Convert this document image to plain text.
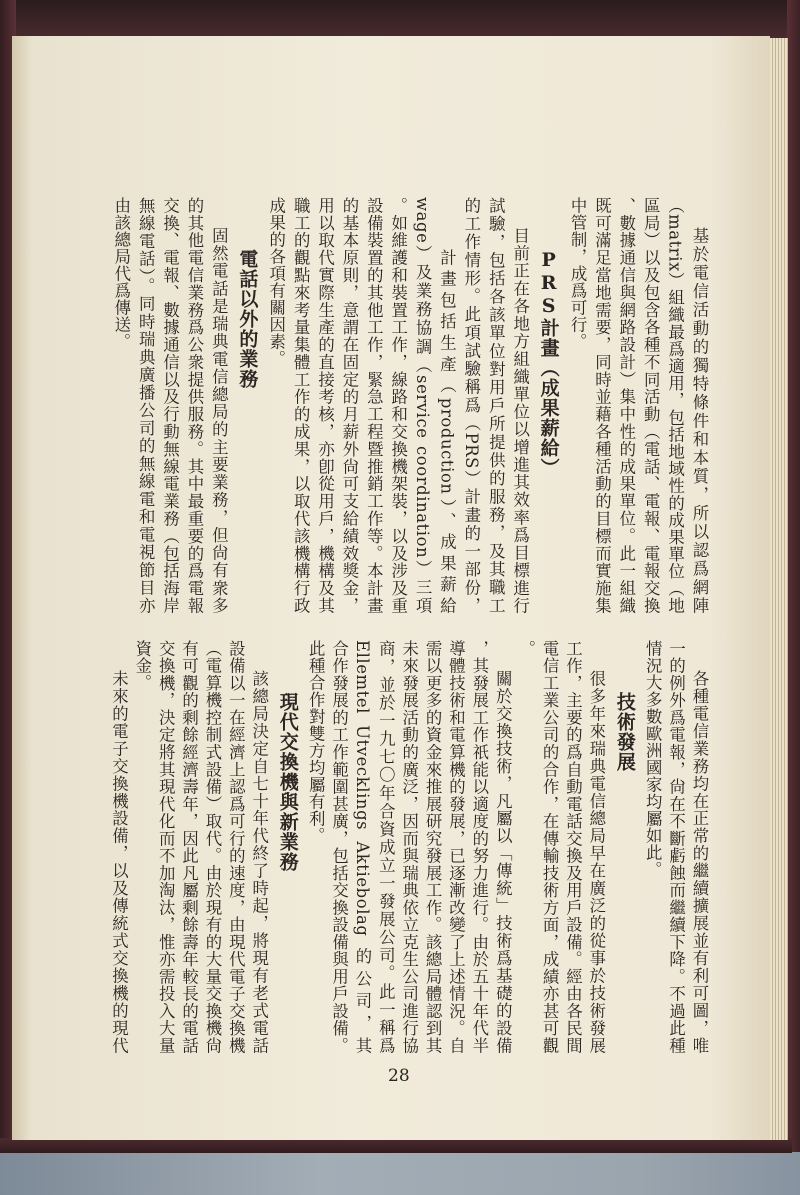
基於電信活動的獨特條件和本質，所以認爲網陣
（matrix）組織最爲適用，包括地域性的成果單位（地
區局）以及包含各種不同活動（電話、電報、電報交換
、數據通信與網路設計）集中性的成果單位。此一組織
既可滿足當地需要，同時並藉各種活動的目標而實施集
中管制，成爲可行。
PRS計畫（成果薪給）
目前正在各地方組織單位以增進其效率爲目標進行
試驗，包括各該單位對用戶所提供的服務，及其職工
的工作情形。此項試驗稱爲（PRS）計畫的一部份，
計畫包括生產（production）、成果薪給
wage）及業務協調（service coordination）三項
。如維護和裝置工作，線路和交換機架裝，以及涉及重
設備裝置的其他工作，緊急工程暨推銷工作等。本計畫
的基本原則，意謂在固定的月薪外尙可支給績效獎金，
用以取代實際生產的直接考核，亦卽從用戶，機構及其
職工的觀點來考量集體工作的成果，以取代該機構行政
成果的各項有關因素。
電話以外的業務
固然電話是瑞典電信總局的主要業務，但尙有衆多
的其他電信業務爲公衆提供服務。其中最重要的爲電報
交換、電報、數據通信以及行動無線電業務（包括海岸
無線電話）。同時瑞典廣播公司的無線電和電視節目亦
由該總局代爲傳送。
各種電信業務均在正常的繼續擴展並有利可圖，唯
一的例外爲電報，尙在不斷虧蝕而繼續下降。不過此種
情況大多數歐洲國家均屬如此。
技術發展
很多年來瑞典電信總局早在廣泛的從事於技術發展
工作，主要的爲自動電話交換及用戶設備。經由各民間
電信工業公司的合作，在傳輸技術方面，成績亦甚可觀
。
關於交換技術，凡屬以「傳統」技術爲基礎的設備
，其發展工作祇能以適度的努力進行。由於五十年代半
導體技術和電算機的發展，已逐漸改變了上述情況。自
需以更多的資金來推展研究發展工作。該總局體認到其
未來發展活動的廣泛，因而與瑞典依立克生公司進行協
商，並於一九七〇年合資成立一發展公司。此一稱爲
Ellemtel Utvecklings Aktiebolag 的公司，其
合作發展的工作範圍甚廣，包括交換設備與用戶設備。
此種合作對雙方均屬有利。
現代交換機與新業務
該總局決定自七十年代終了時起，將現有老式電話
設備以一在經濟上認爲可行的速度，由現代電子交換機
（電算機控制式設備）取代。由於現有的大量交換機尙
有可觀的剩餘經濟壽年，因此凡屬剩餘壽年較長的電話
交換機，決定將其現代化而不加淘汰，惟亦需投入大量
資金。
未來的電子交換機設備，以及傳統式交換機的現代
28
